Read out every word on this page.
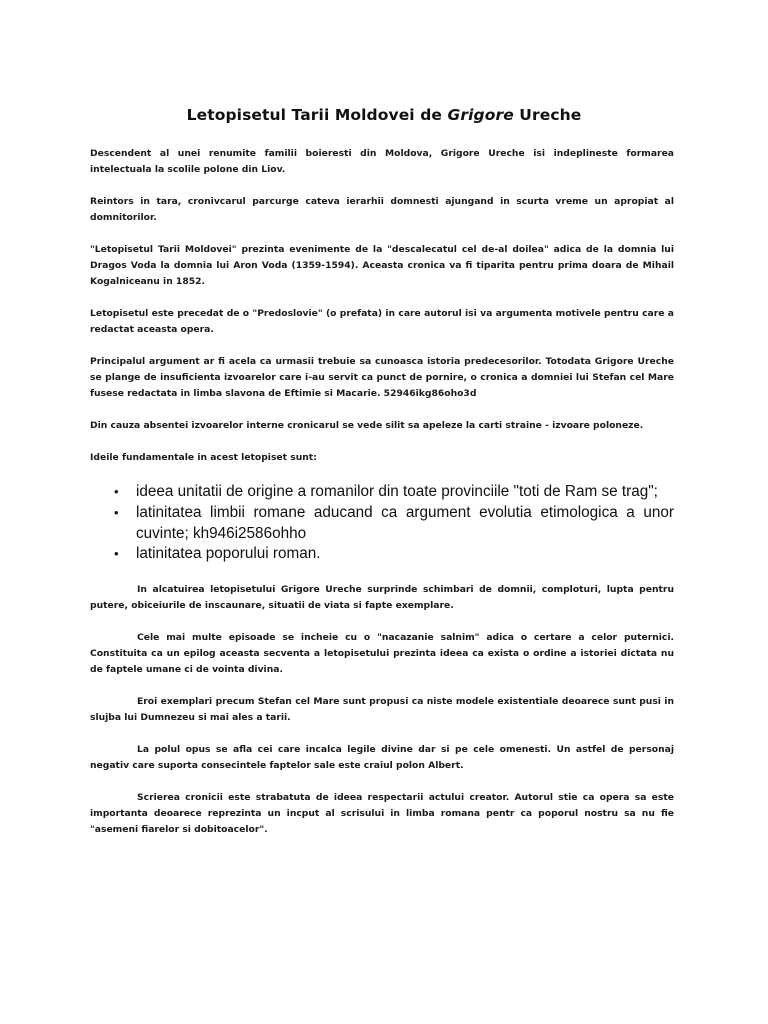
Letopisetul Tarii Moldovei de Grigore Ureche

Descendent al unei renumite familii boieresti din Moldova, Grigore Ureche isi indeplineste formarea intelectuala la scolile polone din Liov.

Reintors in tara, cronivcarul parcurge cateva ierarhii domnesti ajungand in scurta vreme un apropiat al domnitorilor.

"Letopisetul Tarii Moldovei" prezinta evenimente de la "descalecatul cel de-al doilea" adica de la domnia lui Dragos Voda la domnia lui Aron Voda (1359-1594). Aceasta cronica va fi tiparita pentru prima doara de Mihail Kogalniceanu in 1852.

Letopisetul este precedat de o "Predoslovie" (o prefata) in care autorul isi va argumenta motivele pentru care a redactat aceasta opera.

Principalul argument ar fi acela ca urmasii trebuie sa cunoasca istoria predecesorilor. Totodata Grigore Ureche se plange de insuficienta izvoarelor care i-au servit ca punct de pornire, o cronica a domniei lui Stefan cel Mare fusese redactata in limba slavona de Eftimie si Macarie. 52946ikg86oho3d

Din cauza absentei izvoarelor interne cronicarul se vede silit sa apeleze la carti straine - izvoare poloneze.

Ideile fundamentale in acest letopiset sunt:

• ideea unitatii de origine a romanilor din toate provinciile "toti de Ram se trag";
• latinitatea limbii romane aducand ca argument evolutia etimologica a unor cuvinte; kh946i2586ohho
• latinitatea poporului roman.

In alcatuirea letopisetului Grigore Ureche surprinde schimbari de domnii, comploturi, lupta pentru putere, obiceiurile de inscaunare, situatii de viata si fapte exemplare.

Cele mai multe episoade se incheie cu o "nacazanie salnim" adica o certare a celor puternici. Constituita ca un epilog aceasta secventa a letopisetului prezinta ideea ca exista o ordine a istoriei dictata nu de faptele umane ci de vointa divina.

Eroi exemplari precum Stefan cel Mare sunt propusi ca niste modele existentiale deoarece sunt pusi in slujba lui Dumnezeu si mai ales a tarii.

La polul opus se afla cei care incalca legile divine dar si pe cele omenesti. Un astfel de personaj negativ care suporta consecintele faptelor sale este craiul polon Albert.

Scrierea cronicii este strabatuta de ideea respectarii actului creator. Autorul stie ca opera sa este importanta deoarece reprezinta un incput al scrisului in limba romana pentr ca poporul nostru sa nu fie "asemeni fiarelor si dobitoacelor".
